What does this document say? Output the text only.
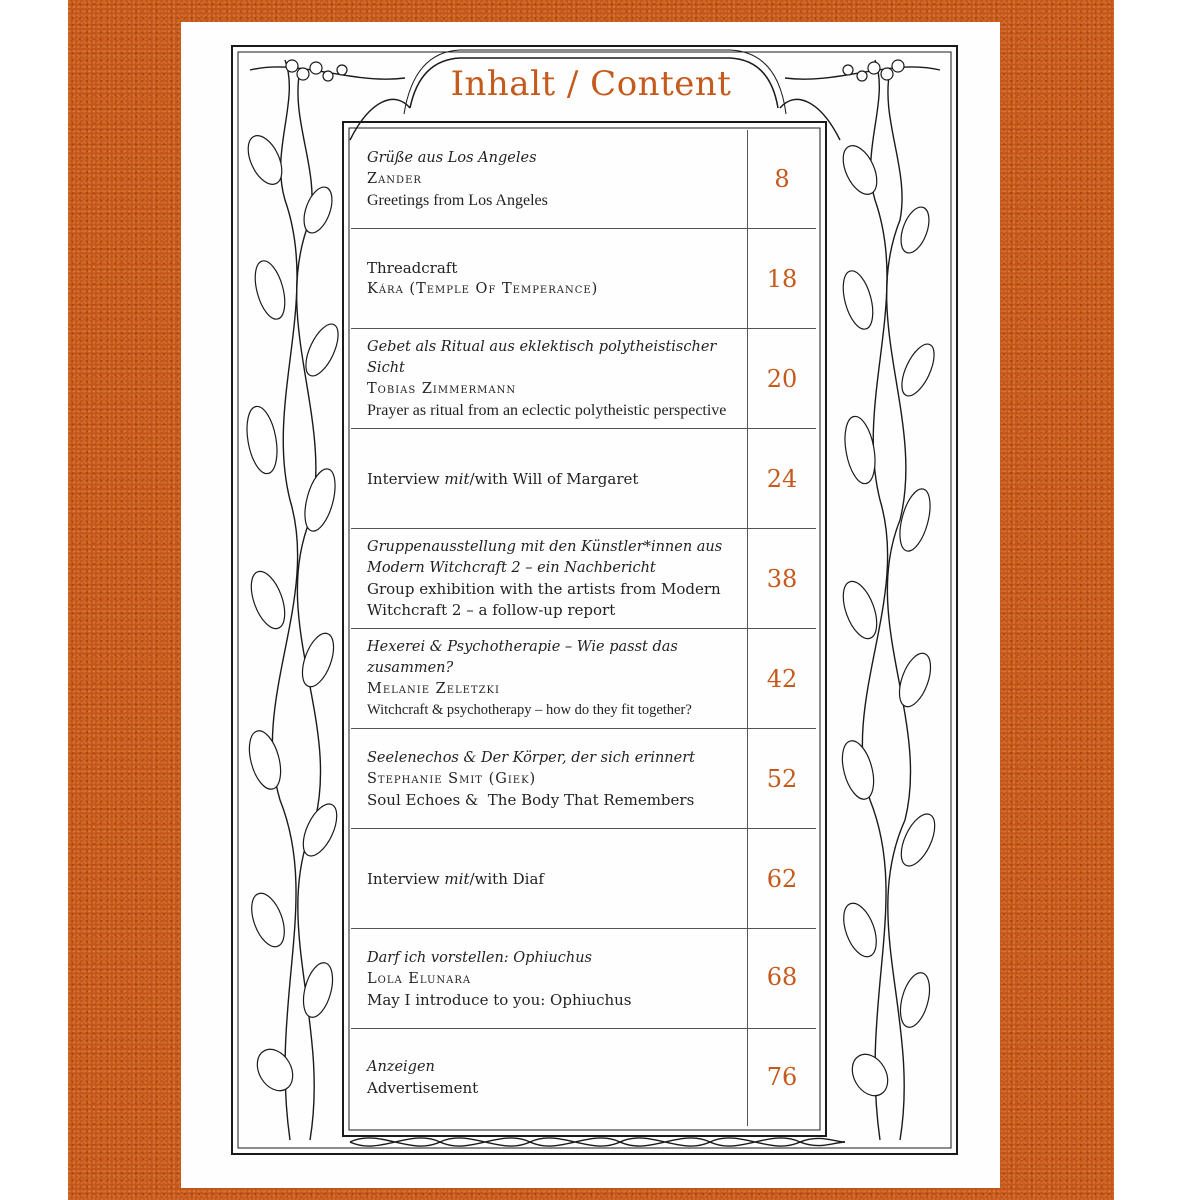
Inhalt / Content
Grüße aus Los Angeles
Zander
Greetings from Los Angeles
Threadcraft
Kára (Temple Of Temperance)
Gebet als Ritual aus eklektisch polytheistischer Sicht
Tobias Zimmermann
Prayer as ritual from an eclectic polytheistic perspective
Interview mit/with Will of Margaret
Gruppenausstellung mit den Künstler*innen aus
Modern Witchcraft 2 – ein Nachbericht
Group exhibition with the artists from Modern
Witchcraft 2 – a follow-up report
Hexerei & Psychotherapie – Wie passt das zusammen?
Melanie Zeletzki
Witchcraft & psychotherapy – how do they fit together?
Seelenechos & Der Körper, der sich erinnert
Stephanie Smit (Giek)
Soul Echoes &  The Body That Remembers
Interview mit/with Diaf
Darf ich vorstellen: Ophiuchus
Lola Elunara
May I introduce to you: Ophiuchus
Anzeigen
Advertisement
8
18
20
24
38
42
52
62
68
76
